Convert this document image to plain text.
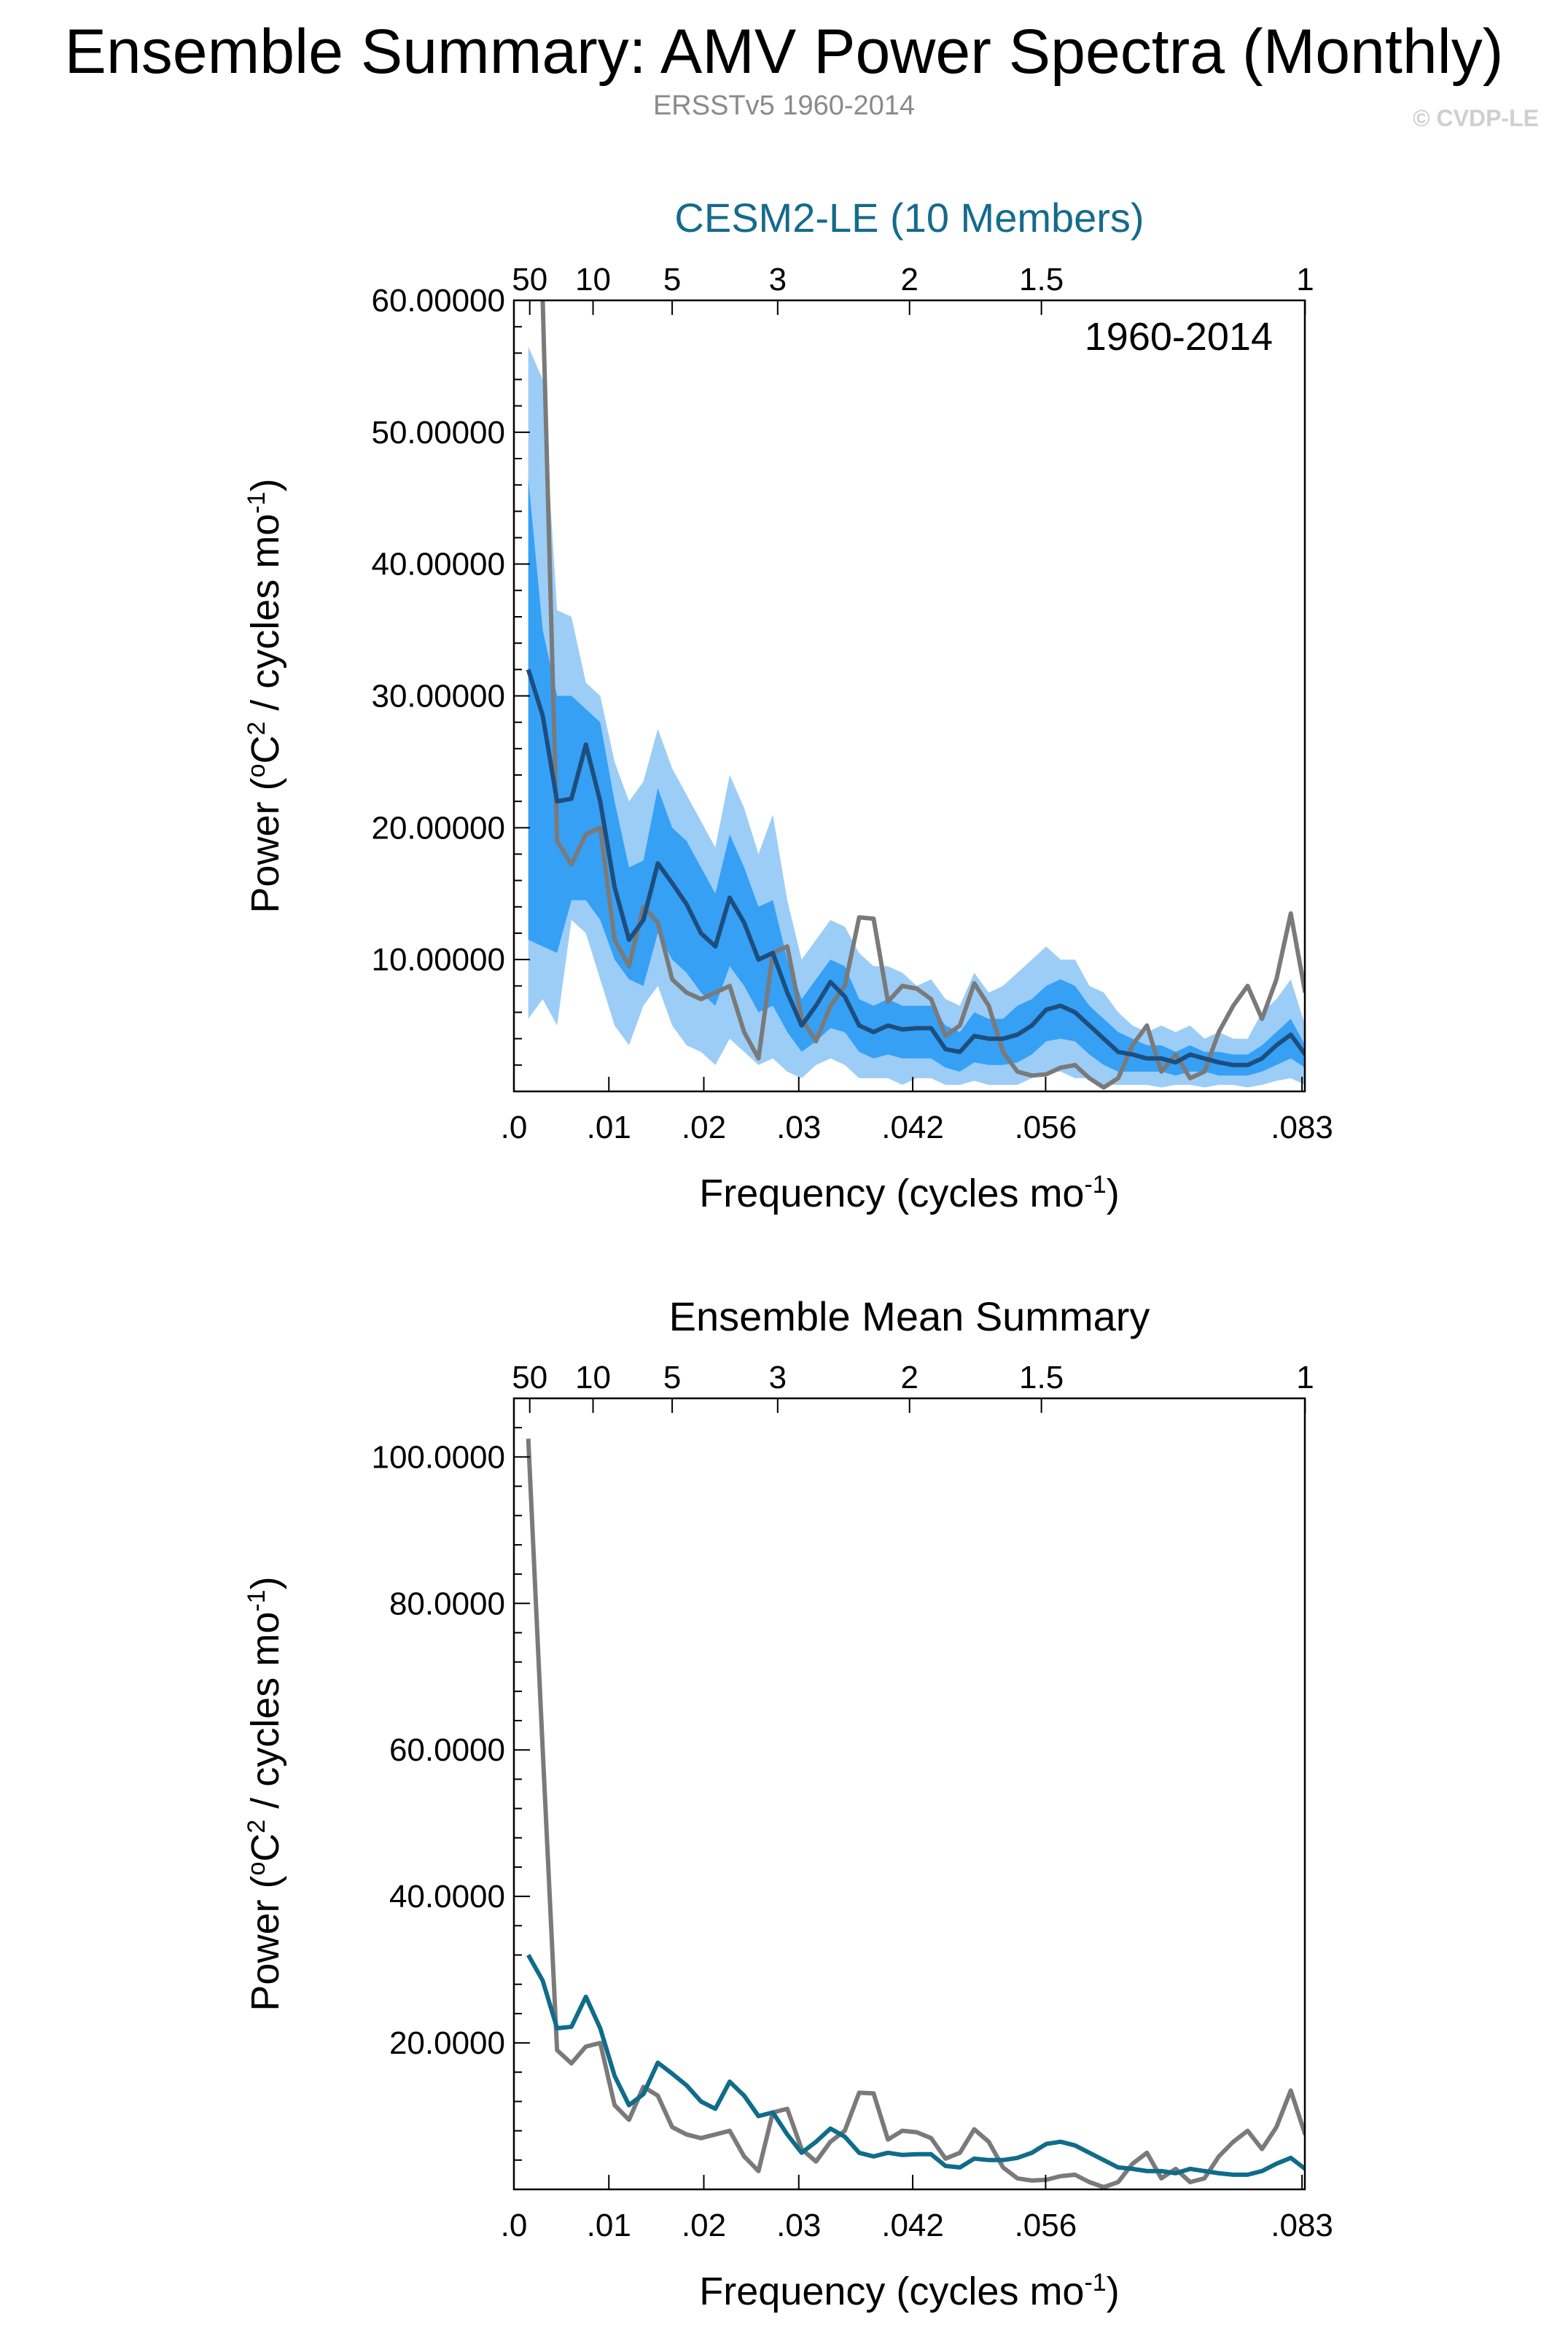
Ensemble Summary: AMV Power Spectra (Monthly)
ERSSTv5 1960-2014	© CVDP-LE
10.00000
20.00000
30.00000
40.00000
50.00000
60.00000
.0 .01 .02 .03 .042 .056	.083
50 10 5	3	2	1.5	1
CESM2-LE (10 Members)
1960-2014
Frequency (cycles $mo^{-1}$)
Power ($^oC^2$ / cycles $mo^{-1}$)
20.0000
40.0000
60.0000
80.0000
100.0000
.0 .01 .02 .03 .042 .056	.083
50 10 5	3	2	1.5	1
Ensemble Mean Summary
Frequency (cycles $mo^{-1}$)
Power ($^oC^2$ / cycles $mo^{-1}$)
